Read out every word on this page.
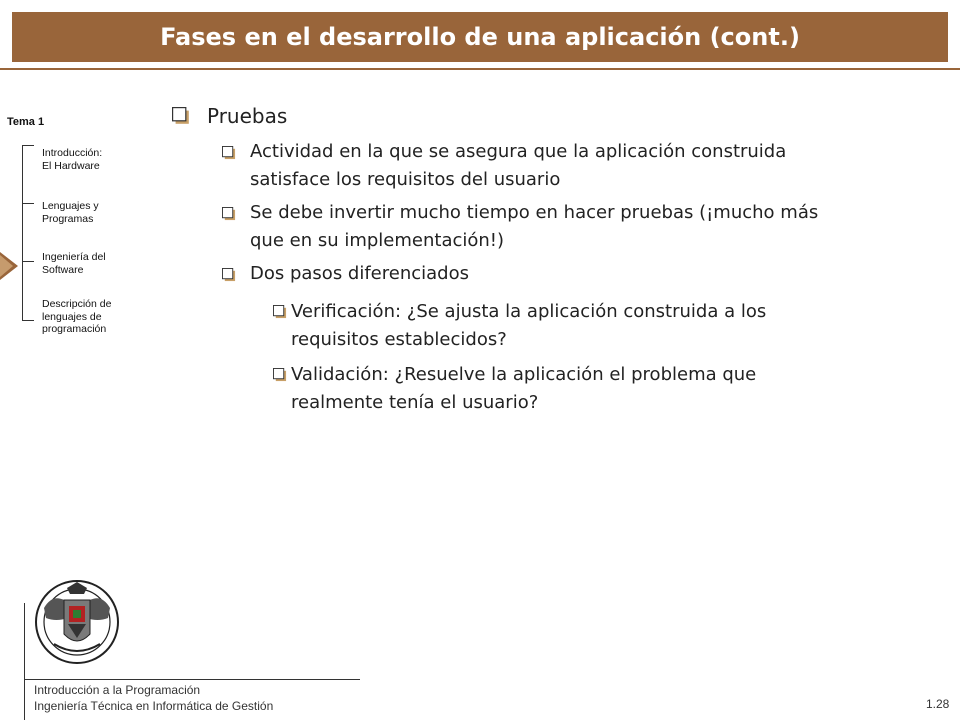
Fases en el desarrollo de una aplicación (cont.)
Tema 1
Introducción:
El Hardware
Lenguajes y
Programas
Ingeniería del
Software
Descripción de
lenguajes de
programación
Pruebas
Actividad en la que se asegura que la aplicación construida
satisface los requisitos del usuario
Se debe invertir mucho tiempo en hacer pruebas (¡mucho más
que en su implementación!)
Dos pasos diferenciados
Verificación: ¿Se ajusta la aplicación construida a los
requisitos establecidos?
Validación: ¿Resuelve la aplicación el problema que
realmente tenía el usuario?
Introducción a la Programación
Ingeniería Técnica en Informática de Gestión	1.28
